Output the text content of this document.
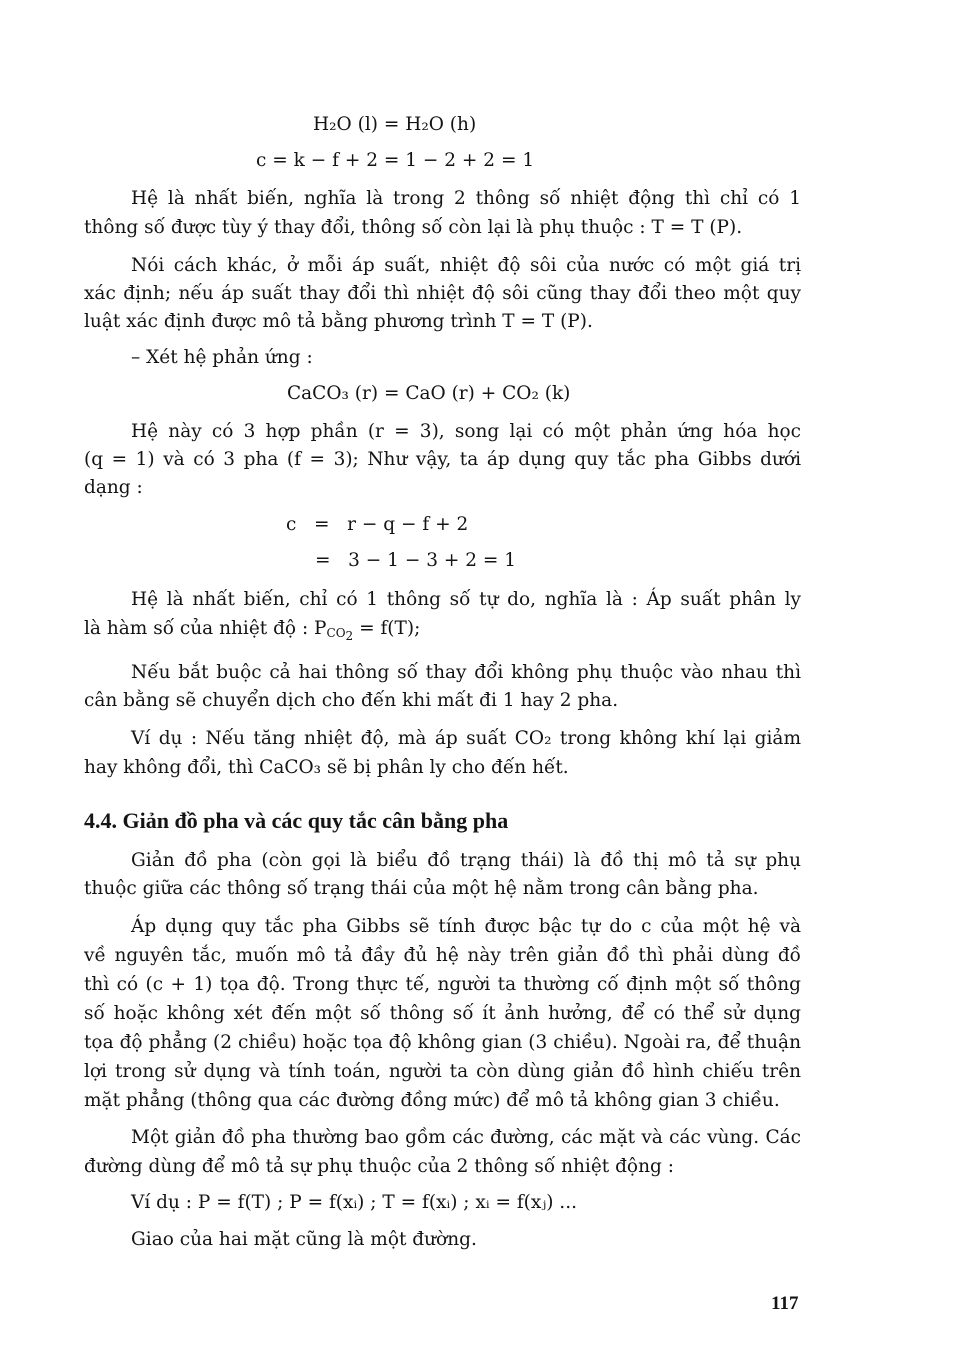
H₂O (l) = H₂O (h)
c = k − f + 2 = 1 − 2 + 2 = 1
Hệ là nhất biến, nghĩa là trong 2 thông số nhiệt động thì chỉ có 1
thông số được tùy ý thay đổi, thông số còn lại là phụ thuộc : T = T (P).
Nói cách khác, ở mỗi áp suất, nhiệt độ sôi của nước có một giá trị
xác định; nếu áp suất thay đổi thì nhiệt độ sôi cũng thay đổi theo một quy
luật xác định được mô tả bằng phương trình T = T (P).
– Xét hệ phản ứng :
CaCO₃ (r) = CaO (r) + CO₂ (k)
Hệ này có 3 hợp phần (r = 3), song lại có một phản ứng hóa học
(q = 1) và có 3 pha (f = 3); Như vậy, ta áp dụng quy tắc pha Gibbs dưới
dạng :
c   =   r − q − f + 2
=   3 − 1 − 3 + 2 = 1
Hệ là nhất biến, chỉ có 1 thông số tự do, nghĩa là : Áp suất phân ly
là hàm số của nhiệt độ : $P_{CO_2} = f(T)$;
Nếu bắt buộc cả hai thông số thay đổi không phụ thuộc vào nhau thì
cân bằng sẽ chuyển dịch cho đến khi mất đi 1 hay 2 pha.
Ví dụ : Nếu tăng nhiệt độ, mà áp suất CO₂ trong không khí lại giảm
hay không đổi, thì CaCO₃ sẽ bị phân ly cho đến hết.
4.4. Giản đồ pha và các quy tắc cân bằng pha
Giản đồ pha (còn gọi là biểu đồ trạng thái) là đồ thị mô tả sự phụ
thuộc giữa các thông số trạng thái của một hệ nằm trong cân bằng pha.
Áp dụng quy tắc pha Gibbs sẽ tính được bậc tự do c của một hệ và
về nguyên tắc, muốn mô tả đầy đủ hệ này trên giản đồ thì phải dùng đồ
thì có (c + 1) tọa độ. Trong thực tế, người ta thường cố định một số thông
số hoặc không xét đến một số thông số ít ảnh hưởng, để có thể sử dụng
tọa độ phẳng (2 chiều) hoặc tọa độ không gian (3 chiều). Ngoài ra, để thuận
lợi trong sử dụng và tính toán, người ta còn dùng giản đồ hình chiếu trên
mặt phẳng (thông qua các đường đồng mức) để mô tả không gian 3 chiều.
Một giản đồ pha thường bao gồm các đường, các mặt và các vùng. Các
đường dùng để mô tả sự phụ thuộc của 2 thông số nhiệt động :
Ví dụ : P = f(T) ; P = f(xᵢ) ; T = f(xᵢ) ; xᵢ = f(xⱼ) ...
Giao của hai mặt cũng là một đường.
117
